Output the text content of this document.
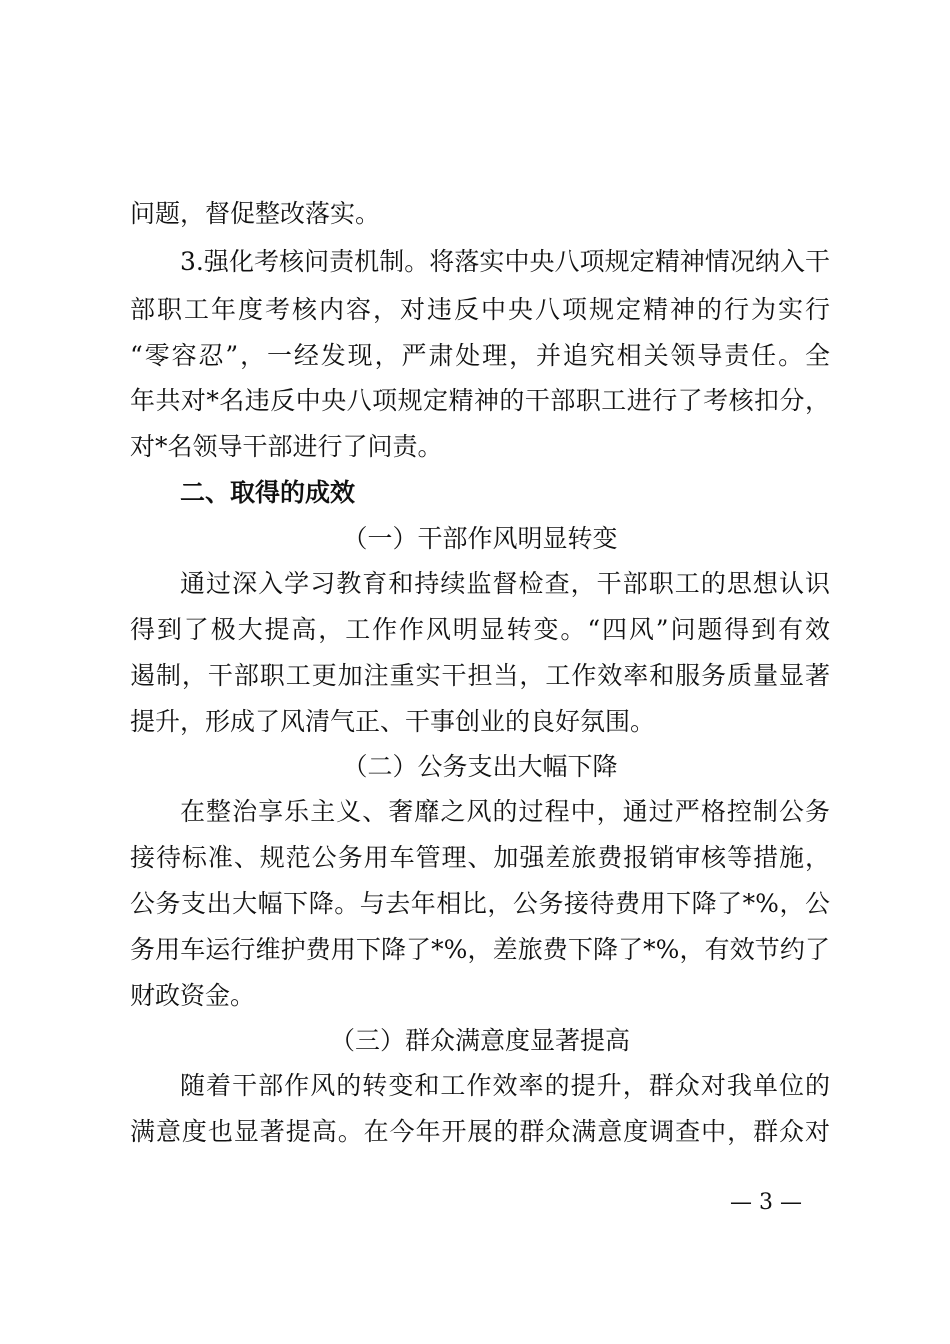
问题，督促整改落实。
3.强化考核问责机制。将落实中央八项规定精神情况纳入干
部职工年度考核内容，对违反中央八项规定精神的行为实行
“零容忍”，一经发现，严肃处理，并追究相关领导责任。全
年共对*名违反中央八项规定精神的干部职工进行了考核扣分，
对*名领导干部进行了问责。
二、取得的成效
（一）干部作风明显转变
通过深入学习教育和持续监督检查，干部职工的思想认识
得到了极大提高，工作作风明显转变。“四风”问题得到有效
遏制，干部职工更加注重实干担当，工作效率和服务质量显著
提升，形成了风清气正、干事创业的良好氛围。
（二）公务支出大幅下降
在整治享乐主义、奢靡之风的过程中，通过严格控制公务
接待标准、规范公务用车管理、加强差旅费报销审核等措施，
公务支出大幅下降。与去年相比，公务接待费用下降了*%，公
务用车运行维护费用下降了*%，差旅费下降了*%，有效节约了
财政资金。
（三）群众满意度显著提高
随着干部作风的转变和工作效率的提升，群众对我单位的
满意度也显著提高。在今年开展的群众满意度调查中，群众对
— 3 —
